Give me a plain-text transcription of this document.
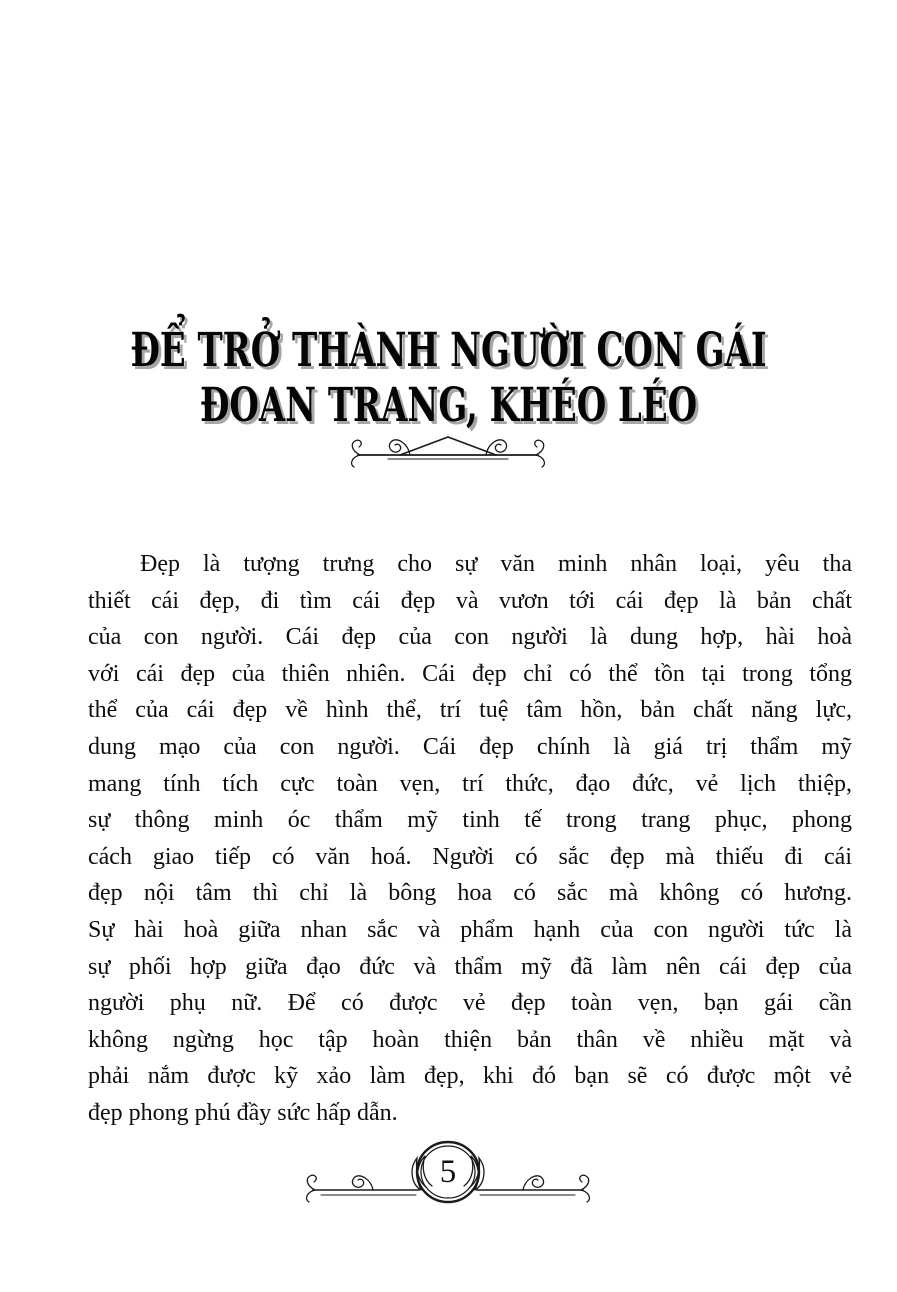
ĐỂ TRỞ THÀNH NGƯỜI CON GÁI
ĐOAN TRANG, KHÉO LÉO
Đẹp là tượng trưng cho sự văn minh nhân loại, yêu tha
thiết cái đẹp, đi tìm cái đẹp và vươn tới cái đẹp là bản chất
của con người. Cái đẹp của con người là dung hợp, hài hoà
với cái đẹp của thiên nhiên. Cái đẹp chỉ có thể tồn tại trong tổng
thể của cái đẹp về hình thể, trí tuệ tâm hồn, bản chất năng lực,
dung mạo của con người. Cái đẹp chính là giá trị thẩm mỹ
mang tính tích cực toàn vẹn, trí thức, đạo đức, vẻ lịch thiệp,
sự thông minh óc thẩm mỹ tinh tế trong trang phục, phong
cách giao tiếp có văn hoá. Người có sắc đẹp mà thiếu đi cái
đẹp nội tâm thì chỉ là bông hoa có sắc mà không có hương.
Sự hài hoà giữa nhan sắc và phẩm hạnh của con người tức là
sự phối hợp giữa đạo đức và thẩm mỹ đã làm nên cái đẹp của
người phụ nữ. Để có được vẻ đẹp toàn vẹn, bạn gái cần
không ngừng học tập hoàn thiện bản thân về nhiều mặt và
phải nắm được kỹ xảo làm đẹp, khi đó bạn sẽ có được một vẻ
đẹp phong phú đầy sức hấp dẫn.
5
